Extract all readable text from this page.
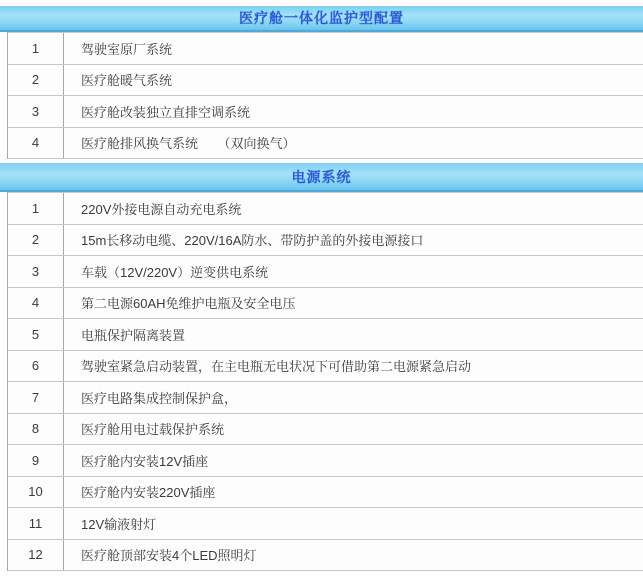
医疗舱一体化监护型配置
1	驾驶室原厂系统
2	医疗舱暖气系统
3	医疗舱改装独立直排空调系统
4	医疗舱排风换气系统　　（双向换气）
电源系统
1	220V外接电源自动充电系统
2	15m长移动电缆、220V/16A防水、带防护盖的外接电源接口
3	车载（12V/220V）逆变供电系统
4	第二电源60AH免维护电瓶及安全电压
5	电瓶保护隔离装置
6	驾驶室紧急启动装置，在主电瓶无电状况下可借助第二电源紧急启动
7	医疗电路集成控制保护盒，
8	医疗舱用电过载保护系统
9	医疗舱内安装12V插座
10	医疗舱内安装220V插座
11	12V输液射灯
12	医疗舱顶部安装4个LED照明灯
